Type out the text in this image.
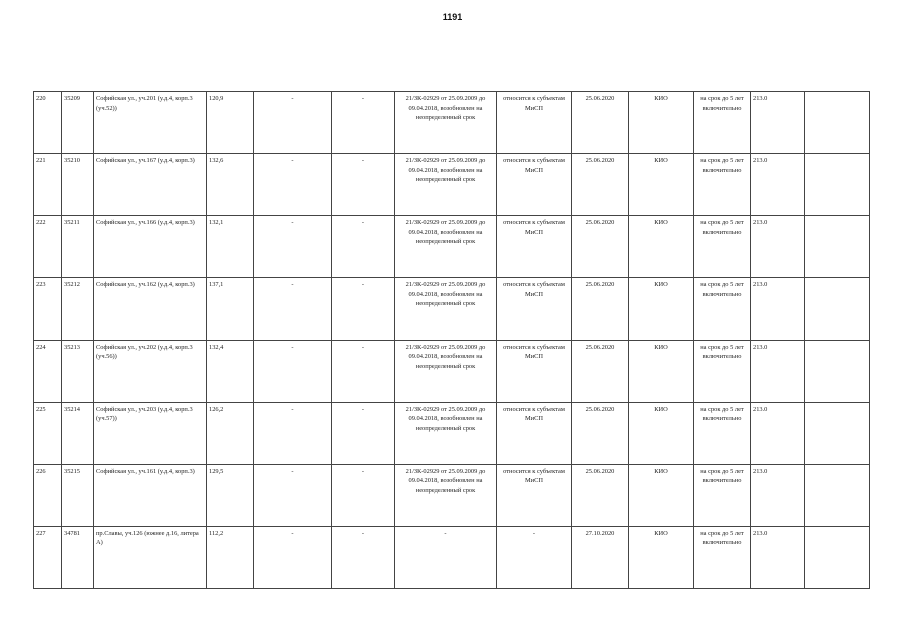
1191
220	35209	Софийская ул., уч.201 (у.д.4, корп.3 (уч.52))	120,9	-	-	21/ЗК-02929 от 25.09.2009 до 09.04.2018, возобновлен на неопределенный срок	относится к субъектам МиСП	25.06.2020	КИО	на срок до 5 лет включительно	213.0	
221	35210	Софийская ул., уч.167 (у.д.4, корп.3)	132,6	-	-	21/ЗК-02929 от 25.09.2009 до 09.04.2018, возобновлен на неопределенный срок	относится к субъектам МиСП	25.06.2020	КИО	на срок до 5 лет включительно	213.0	
222	35211	Софийская ул., уч.166 (у.д.4, корп.3)	132,1	-	-	21/ЗК-02929 от 25.09.2009 до 09.04.2018, возобновлен на неопределенный срок	относится к субъектам МиСП	25.06.2020	КИО	на срок до 5 лет включительно	213.0	
223	35212	Софийская ул., уч.162 (у.д.4, корп.3)	137,1	-	-	21/ЗК-02929 от 25.09.2009 до 09.04.2018, возобновлен на неопределенный срок	относится к субъектам МиСП	25.06.2020	КИО	на срок до 5 лет включительно	213.0	
224	35213	Софийская ул., уч.202 (у.д.4, корп.3 (уч.56))	132,4	-	-	21/ЗК-02929 от 25.09.2009 до 09.04.2018, возобновлен на неопределенный срок	относится к субъектам МиСП	25.06.2020	КИО	на срок до 5 лет включительно	213.0	
225	35214	Софийская ул., уч.203 (у.д.4, корп.3 (уч.57))	126,2	-	-	21/ЗК-02929 от 25.09.2009 до 09.04.2018, возобновлен на неопределенный срок	относится к субъектам МиСП	25.06.2020	КИО	на срок до 5 лет включительно	213.0	
226	35215	Софийская ул., уч.161 (у.д.4, корп.3)	129,5	-	-	21/ЗК-02929 от 25.09.2009 до 09.04.2018, возобновлен на неопределенный срок	относится к субъектам МиСП	25.06.2020	КИО	на срок до 5 лет включительно	213.0	
227	34781	пр.Славы, уч.126 (южнее д.16, литера А)	112,2	-	-	-	-	27.10.2020	КИО	на срок до 5 лет включительно	213.0	
